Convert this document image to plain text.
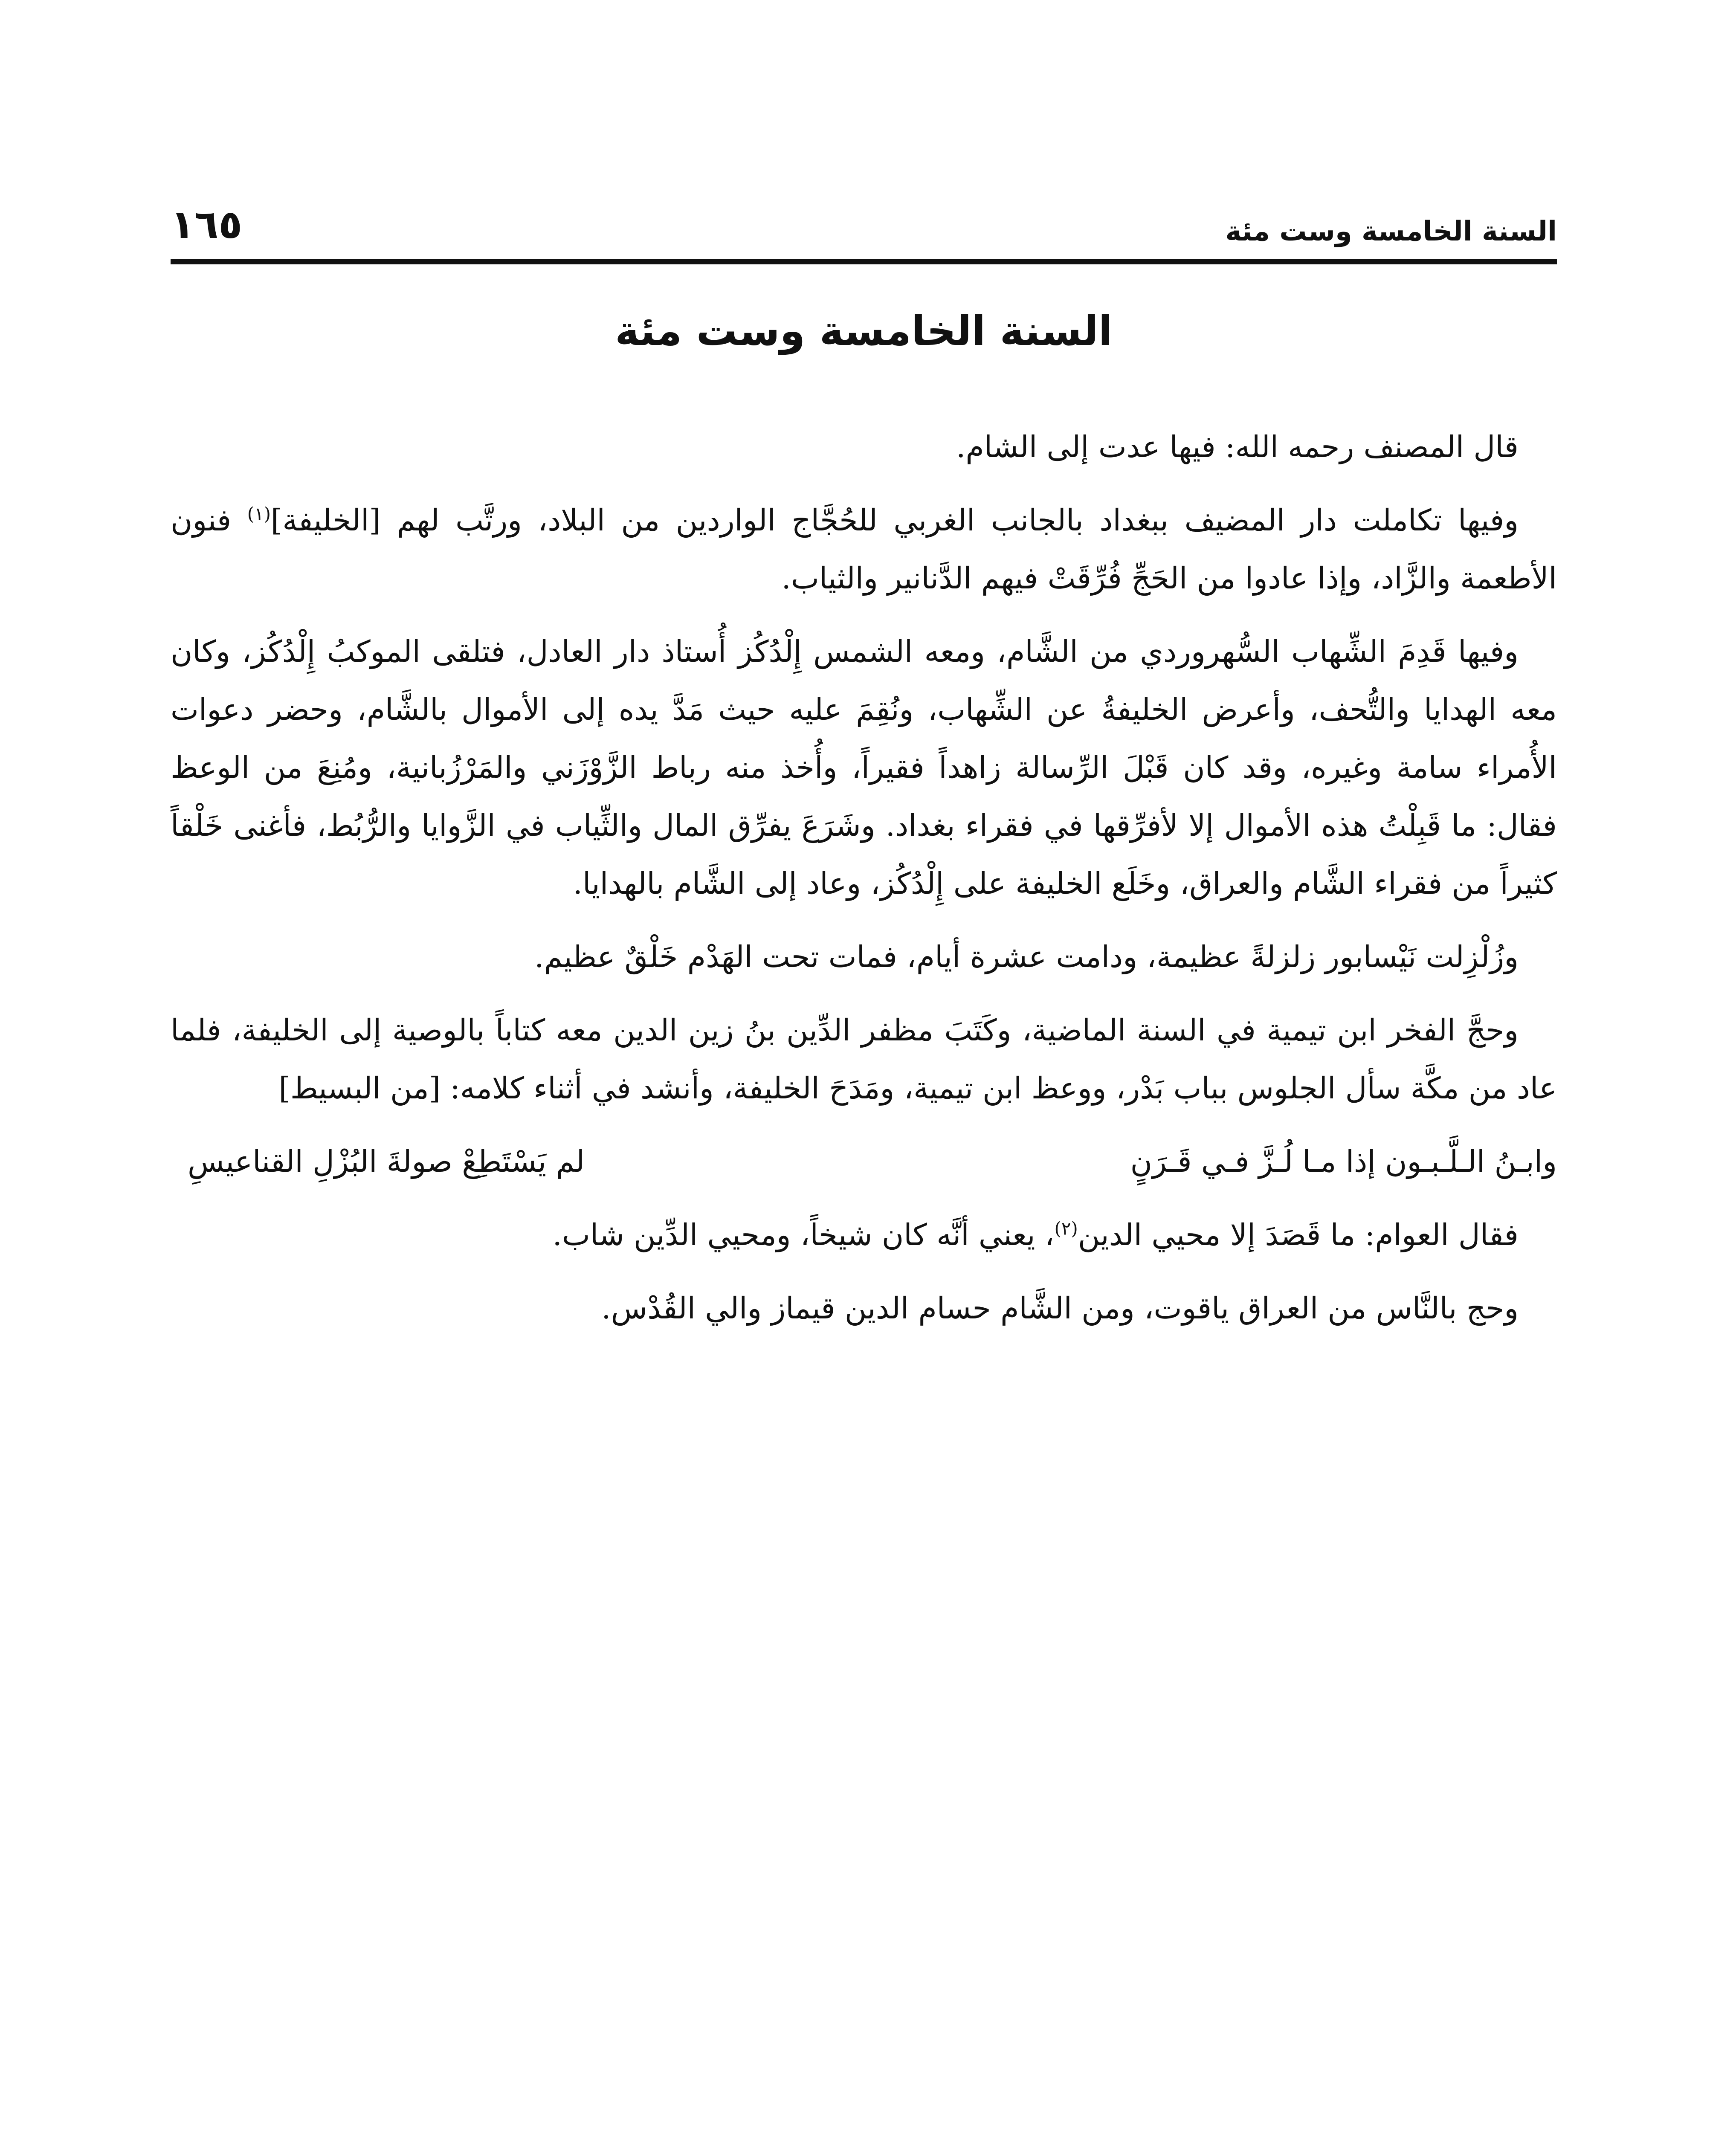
السنة الخامسة وست مئة
١٦٥
السنة الخامسة وست مئة

قال المصنف رحمه الله: فيها عدت إلى الشام.

وفيها تكاملت دار المضيف ببغداد بالجانب الغربي للحُجَّاج الواردين من البلاد، ورتَّب لهم [الخليفة]$^{(١)}$ فنون الأطعمة والزَّاد، وإذا عادوا من الحَجِّ فُرِّقَتْ فيهم الدَّنانير والثياب.

وفيها قَدِمَ الشِّهاب السُّهروردي من الشَّام، ومعه الشمس إِلْدُكُز أُستاذ دار العادل، فتلقى الموكبُ إِلْدُكُز، وكان معه الهدايا والتُّحف، وأعرض الخليفةُ عن الشِّهاب، ونُقِمَ عليه حيث مَدَّ يده إلى الأموال بالشَّام، وحضر دعوات الأُمراء سامة وغيره، وقد كان قَبْلَ الرِّسالة زاهداً فقيراً، وأُخذ منه رباط الزَّوْزَني والمَرْزُبانية، ومُنِعَ من الوعظ فقال: ما قَبِلْتُ هذه الأموال إلا لأفرِّقها في فقراء بغداد. وشَرَعَ يفرِّق المال والثِّياب في الزَّوايا والرُّبُط، فأغنى خَلْقاً كثيراً من فقراء الشَّام والعراق، وخَلَع الخليفة على إِلْدُكُز، وعاد إلى الشَّام بالهدايا.

وزُلْزِلت نَيْسابور زلزلةً عظيمة، ودامت عشرة أيام، فمات تحت الهَدْم خَلْقٌ عظيم.

وحجَّ الفخر ابن تيمية في السنة الماضية، وكَتَبَ مظفر الدِّين بنُ زين الدين معه كتاباً بالوصية إلى الخليفة، فلما عاد من مكَّة سأل الجلوس بباب بَدْر، ووعظ ابن تيمية، ومَدَحَ الخليفة، وأنشد في أثناء كلامه: [من البسيط]

وابـنُ الـلَّـبـون إذا مـا لُـزَّ فـي قَـرَنٍ
لم يَسْتَطِعْ صولةَ البُزْلِ القناعيسِ

فقال العوام: ما قَصَدَ إلا محيي الدين$^{(٢)}$، يعني أنَّه كان شيخاً، ومحيي الدِّين شاب.

وحج بالنَّاس من العراق ياقوت، ومن الشَّام حسام الدين قيماز والي القُدْس.
